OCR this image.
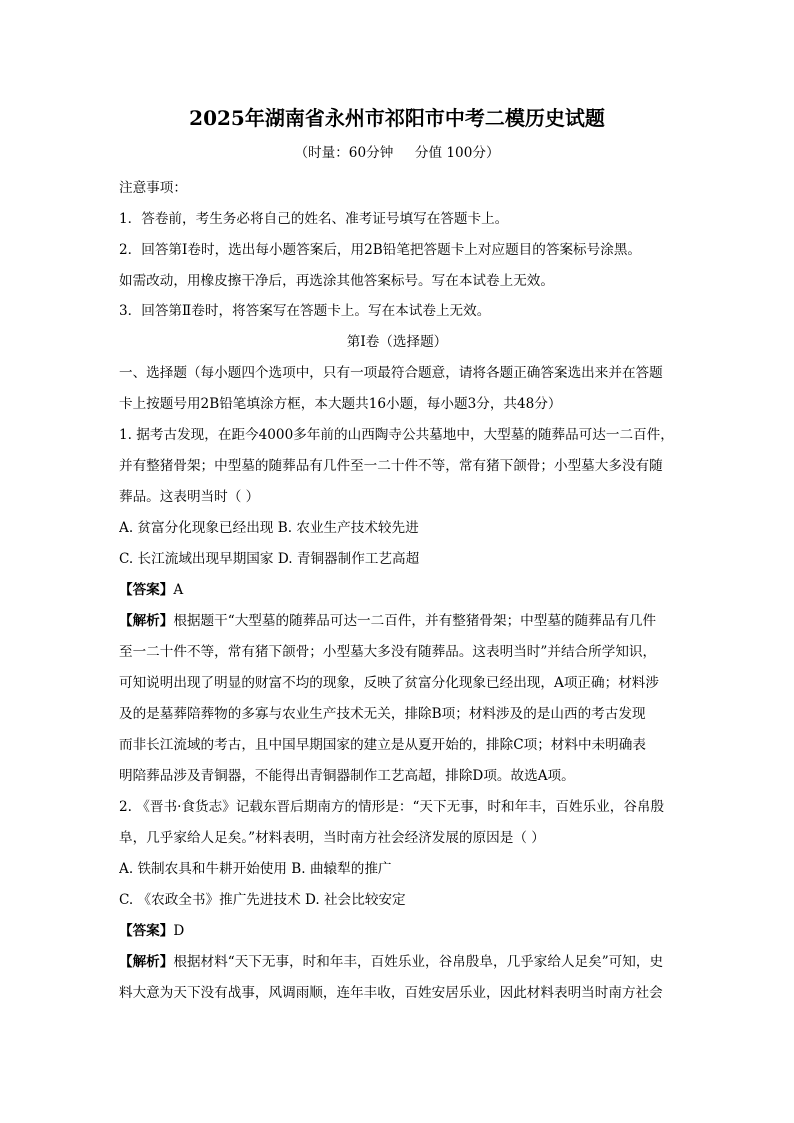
2025年湖南省永州市祁阳市中考二模历史试题
（时量：60分钟     分值 100分）
注意事项：
1．答卷前，考生务必将自己的姓名、准考证号填写在答题卡上。
2．回答第Ⅰ卷时，选出每小题答案后，用2B铅笔把答题卡上对应题目的答案标号涂黑。
如需改动，用橡皮擦干净后，再选涂其他答案标号。写在本试卷上无效。
3．回答第Ⅱ卷时，将答案写在答题卡上。写在本试卷上无效。
第Ⅰ卷（选择题）
一、选择题（每小题四个选项中，只有一项最符合题意，请将各题正确答案选出来并在答题
卡上按题号用2B铅笔填涂方框，本大题共16小题，每小题3分，共48分）
1. 据考古发现，在距今4000多年前的山西陶寺公共墓地中，大型墓的随葬品可达一二百件，
并有整猪骨架；中型墓的随葬品有几件至一二十件不等，常有猪下颌骨；小型墓大多没有随
葬品。这表明当时（ ）
A. 贫富分化现象已经出现 B. 农业生产技术较先进
C. 长江流域出现早期国家 D. 青铜器制作工艺高超
【答案】A
【解析】根据题干“大型墓的随葬品可达一二百件，并有整猪骨架；中型墓的随葬品有几件
至一二十件不等，常有猪下颌骨；小型墓大多没有随葬品。这表明当时”并结合所学知识，
可知说明出现了明显的财富不均的现象，反映了贫富分化现象已经出现，A项正确；材料涉
及的是墓葬陪葬物的多寡与农业生产技术无关，排除B项；材料涉及的是山西的考古发现
而非长江流域的考古，且中国早期国家的建立是从夏开始的，排除C项；材料中未明确表
明陪葬品涉及青铜器，不能得出青铜器制作工艺高超，排除D项。故选A项。
2. 《晋书·食货志》记载东晋后期南方的情形是：“天下无事，时和年丰，百姓乐业，谷帛殷
阜，几乎家给人足矣。”材料表明，当时南方社会经济发展的原因是（ ）
A. 铁制农具和牛耕开始使用 B. 曲辕犁的推广
C. 《农政全书》推广先进技术 D. 社会比较安定
【答案】D
【解析】根据材料“天下无事，时和年丰，百姓乐业，谷帛殷阜，几乎家给人足矣”可知，史
料大意为天下没有战事，风调雨顺，连年丰收，百姓安居乐业，因此材料表明当时南方社会
